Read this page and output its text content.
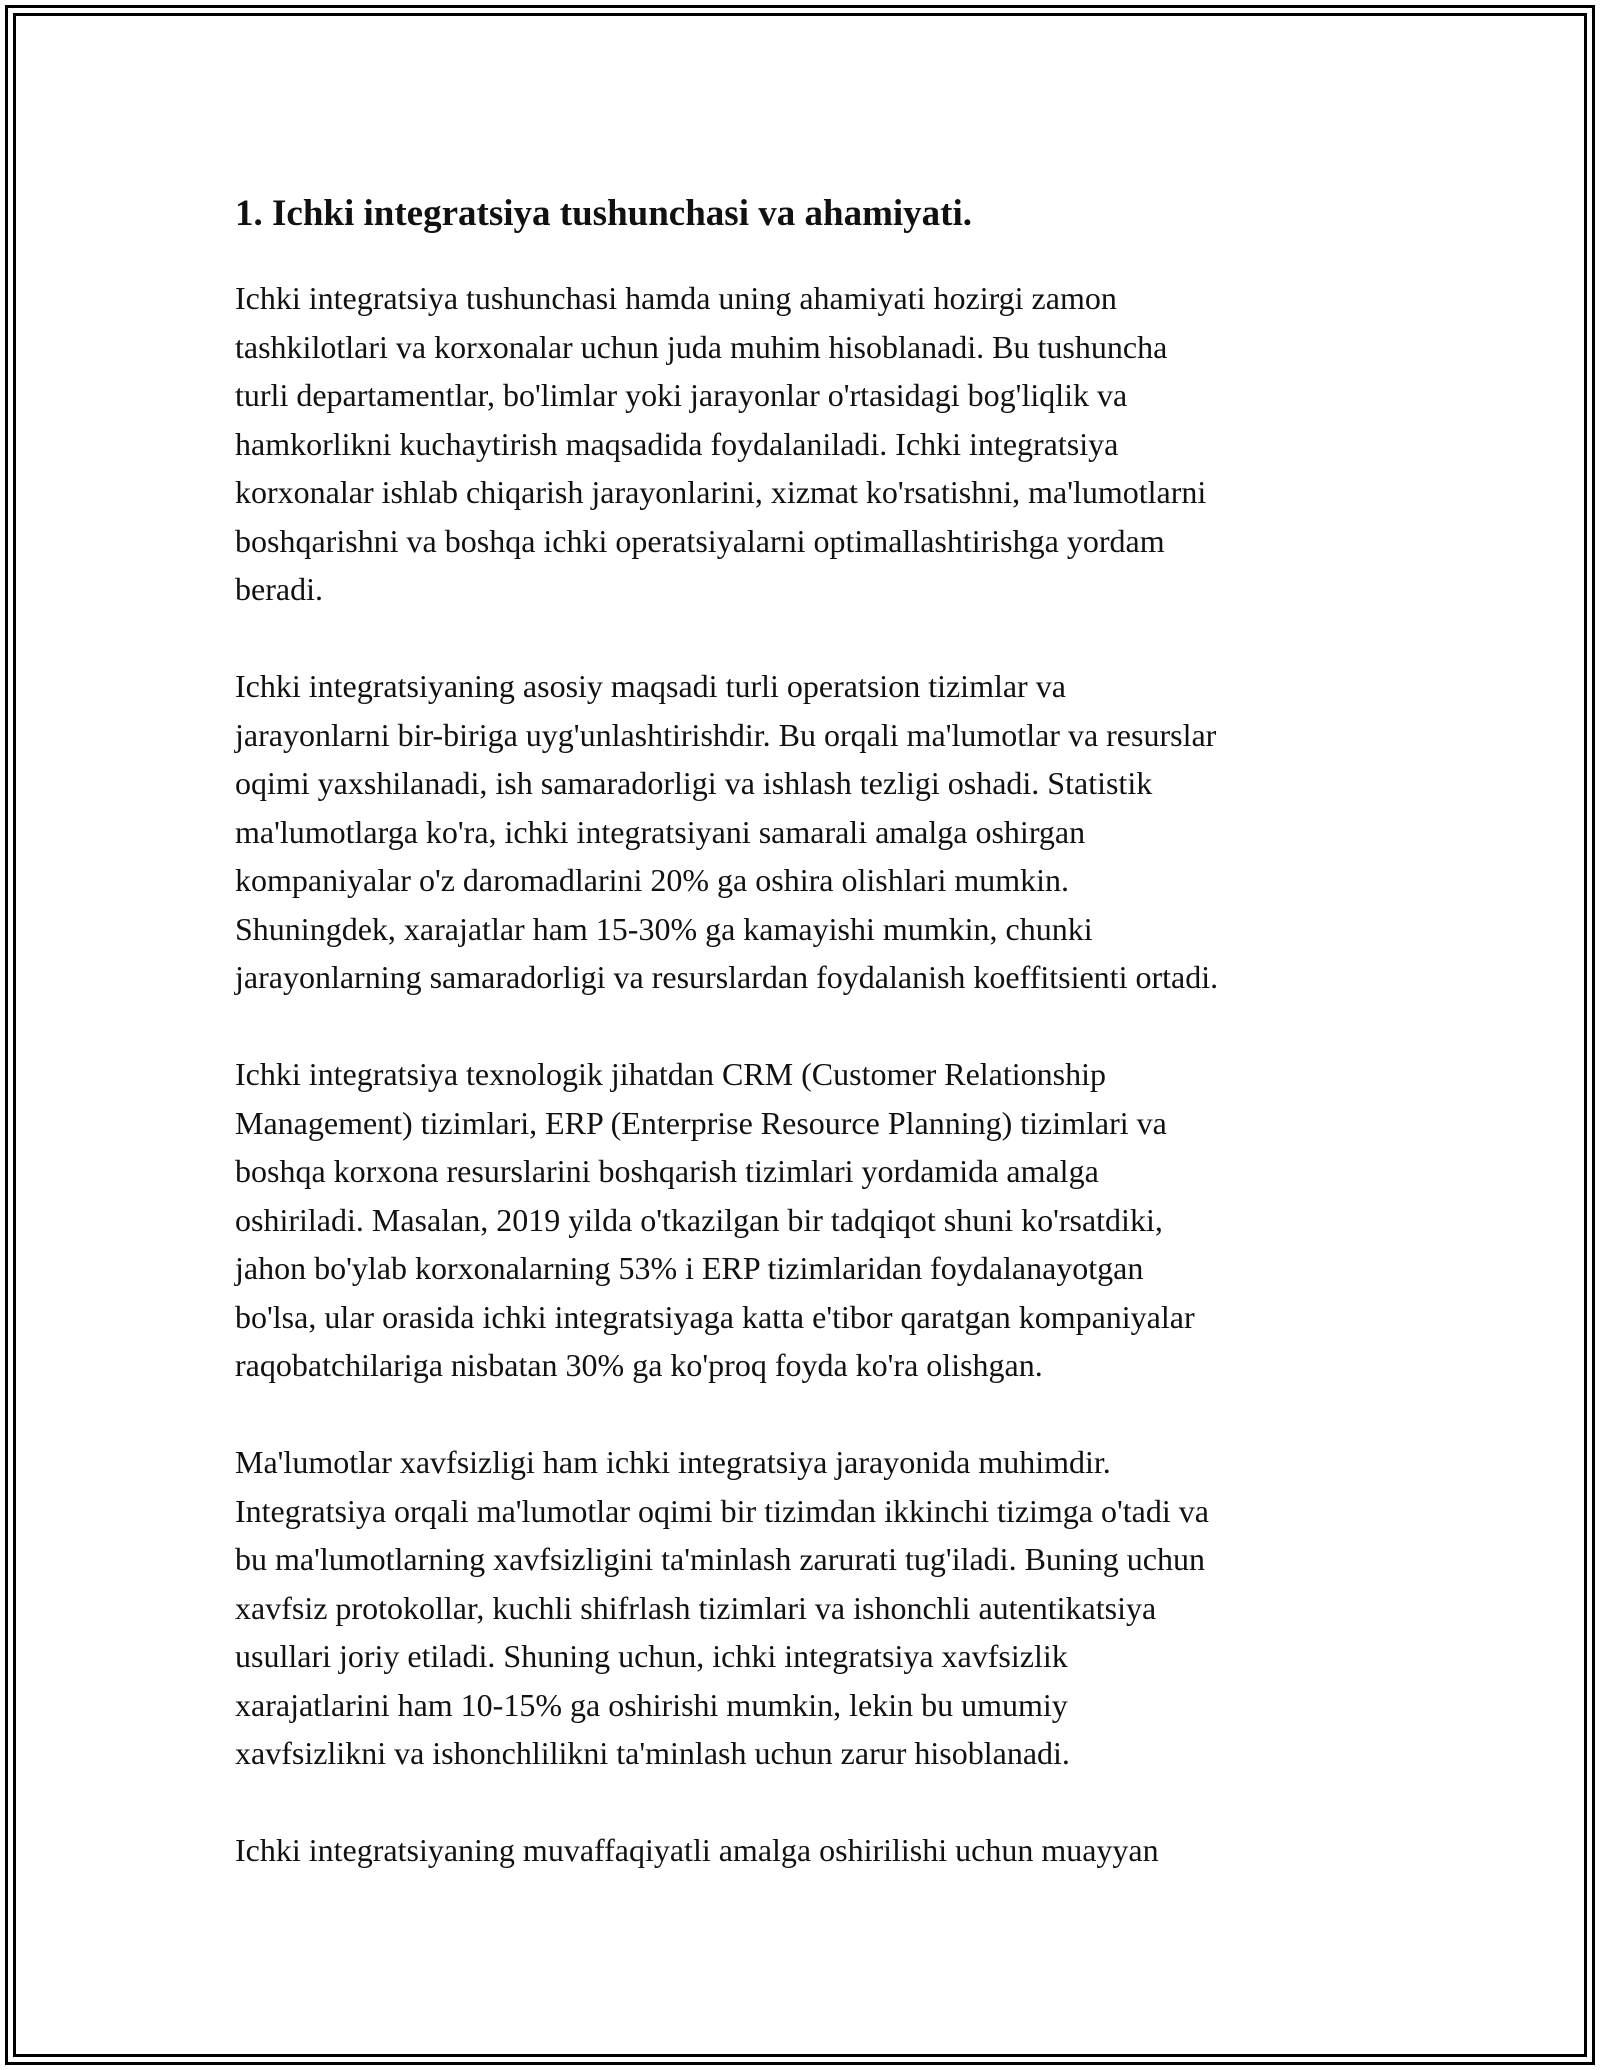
1. Ichki integratsiya tushunchasi va ahamiyati.

Ichki integratsiya tushunchasi hamda uning ahamiyati hozirgi zamon
tashkilotlari va korxonalar uchun juda muhim hisoblanadi. Bu tushuncha
turli departamentlar, bo'limlar yoki jarayonlar o'rtasidagi bog'liqlik va
hamkorlikni kuchaytirish maqsadida foydalaniladi. Ichki integratsiya
korxonalar ishlab chiqarish jarayonlarini, xizmat ko'rsatishni, ma'lumotlarni
boshqarishni va boshqa ichki operatsiyalarni optimallashtirishga yordam
beradi.

Ichki integratsiyaning asosiy maqsadi turli operatsion tizimlar va
jarayonlarni bir-biriga uyg'unlashtirishdir. Bu orqali ma'lumotlar va resurslar
oqimi yaxshilanadi, ish samaradorligi va ishlash tezligi oshadi. Statistik
ma'lumotlarga ko'ra, ichki integratsiyani samarali amalga oshirgan
kompaniyalar o'z daromadlarini 20% ga oshira olishlari mumkin.
Shuningdek, xarajatlar ham 15-30% ga kamayishi mumkin, chunki
jarayonlarning samaradorligi va resurslardan foydalanish koeffitsienti ortadi.

Ichki integratsiya texnologik jihatdan CRM (Customer Relationship
Management) tizimlari, ERP (Enterprise Resource Planning) tizimlari va
boshqa korxona resurslarini boshqarish tizimlari yordamida amalga
oshiriladi. Masalan, 2019 yilda o'tkazilgan bir tadqiqot shuni ko'rsatdiki,
jahon bo'ylab korxonalarning 53% i ERP tizimlaridan foydalanayotgan
bo'lsa, ular orasida ichki integratsiyaga katta e'tibor qaratgan kompaniyalar
raqobatchilariga nisbatan 30% ga ko'proq foyda ko'ra olishgan.

Ma'lumotlar xavfsizligi ham ichki integratsiya jarayonida muhimdir.
Integratsiya orqali ma'lumotlar oqimi bir tizimdan ikkinchi tizimga o'tadi va
bu ma'lumotlarning xavfsizligini ta'minlash zarurati tug'iladi. Buning uchun
xavfsiz protokollar, kuchli shifrlash tizimlari va ishonchli autentikatsiya
usullari joriy etiladi. Shuning uchun, ichki integratsiya xavfsizlik
xarajatlarini ham 10-15% ga oshirishi mumkin, lekin bu umumiy
xavfsizlikni va ishonchlilikni ta'minlash uchun zarur hisoblanadi.

Ichki integratsiyaning muvaffaqiyatli amalga oshirilishi uchun muayyan
